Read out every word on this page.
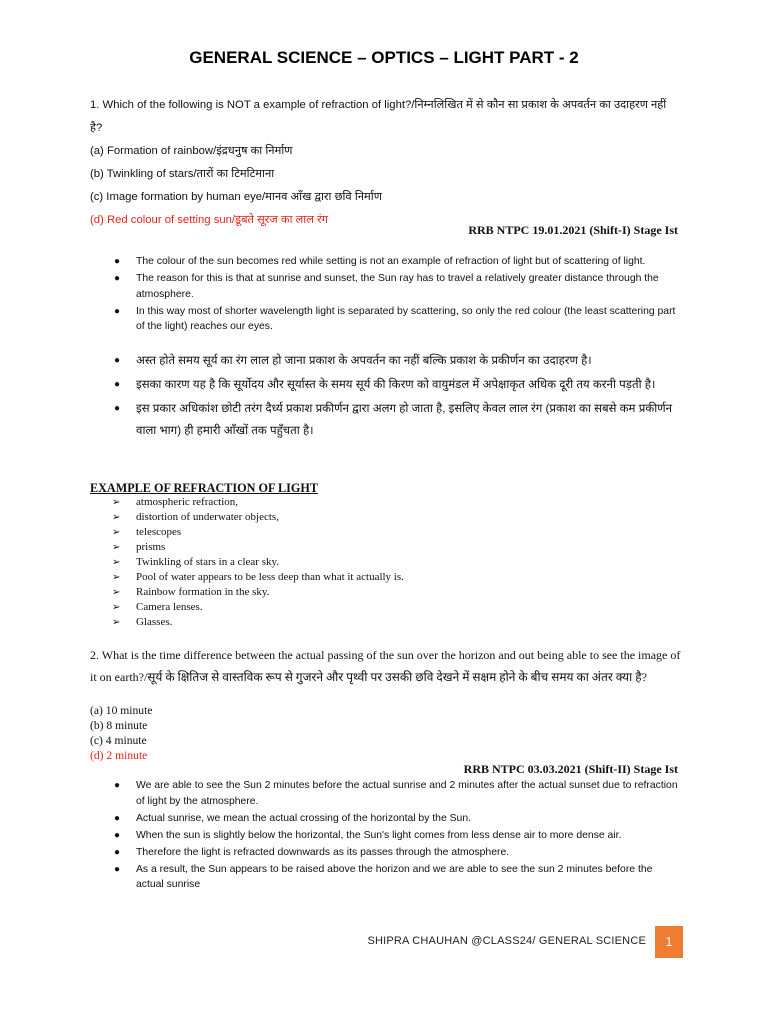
GENERAL SCIENCE – OPTICS – LIGHT PART - 2

1. Which of the following is NOT a example of refraction of light?/निम्नलिखित में से कौन सा प्रकाश के अपवर्तन का उदाहरण नहीं है?

(a) Formation of rainbow/इंद्रधनुष का निर्माण
(b) Twinkling of stars/तारों का टिमटिमाना
(c) Image formation by human eye/मानव आँख द्वारा छवि निर्माण
(d) Red colour of setting sun/डूबते सूरज का लाल रंग
RRB NTPC 19.01.2021 (Shift-I) Stage Ist
● The colour of the sun becomes red while setting is not an example of refraction of light but of scattering of light.
● The reason for this is that at sunrise and sunset, the Sun ray has to travel a relatively greater distance through the atmosphere.
● In this way most of shorter wavelength light is separated by scattering, so only the red colour (the least scattering part of the light) reaches our eyes.
● अस्त होते समय सूर्य का रंग लाल हो जाना प्रकाश के अपवर्तन का नहीं बल्कि प्रकाश के प्रकीर्णन का उदाहरण है।
● इसका कारण यह है कि सूर्योदय और सूर्यास्त के समय सूर्य की किरण को वायुमंडल में अपेक्षाकृत अधिक दूरी तय करनी पड़ती है।
● इस प्रकार अधिकांश छोटी तरंग दैर्ध्य प्रकाश प्रकीर्णन द्वारा अलग हो जाता है, इसलिए केवल लाल रंग (प्रकाश का सबसे कम प्रकीर्णन वाला भाग) ही हमारी आँखों तक पहुँचता है।
EXAMPLE OF REFRACTION OF LIGHT
➢ atmospheric refraction,
➢ distortion of underwater objects,
➢ telescopes
➢ prisms
➢ Twinkling of stars in a clear sky.
➢ Pool of water appears to be less deep than what it actually is.
➢ Rainbow formation in the sky.
➢ Camera lenses.
➢ Glasses.
2. What is the time difference between the actual passing of the sun over the horizon and out being able to see the image of it on earth?/सूर्य के क्षितिज से वास्तविक रूप से गुजरने और पृथ्वी पर उसकी छवि देखने में सक्षम होने के बीच समय का अंतर क्या है?
(a) 10 minute
(b) 8 minute
(c) 4 minute
(d) 2 minute
RRB NTPC 03.03.2021 (Shift-II) Stage Ist
● We are able to see the Sun 2 minutes before the actual sunrise and 2 minutes after the actual sunset due to refraction of light by the atmosphere.
● Actual sunrise, we mean the actual crossing of the horizontal by the Sun.
● When the sun is slightly below the horizontal, the Sun's light comes from less dense air to more dense air.
● Therefore the light is refracted downwards as its passes through the atmosphere.
● As a result, the Sun appears to be raised above the horizon and we are able to see the sun 2 minutes before the actual sunrise
SHIPRA CHAUHAN @CLASS24/ GENERAL SCIENCE	1
